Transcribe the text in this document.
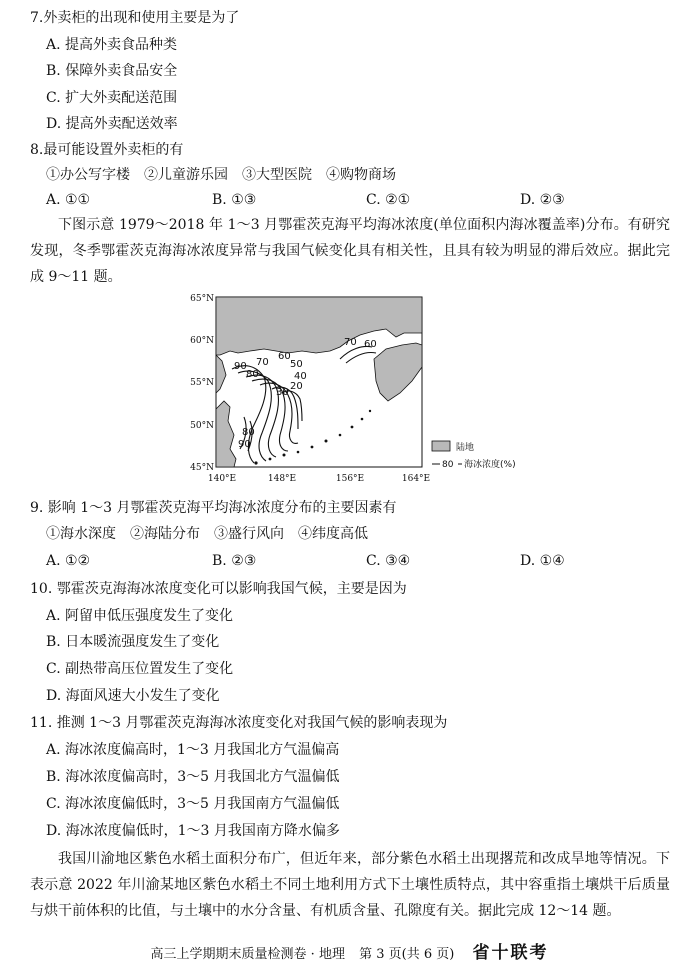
7.外卖柜的出现和使用主要是为了
A. 提高外卖食品种类
B. 保障外卖食品安全
C. 扩大外卖配送范围
D. 提高外卖配送效率
8.最可能设置外卖柜的有
①办公写字楼　②儿童游乐园　③大型医院　④购物商场
A. ①①	B. ①③	C. ②①	D. ②③
下图示意 1979～2018 年 1～3 月鄂霍茨克海平均海冰浓度(单位面积内海冰覆盖率)分布。有研究发现，冬季鄂霍茨克海海冰浓度异常与我国气候变化具有相关性，且具有较为明显的滞后效应。据此完成 9～11 题。
90
80
70
60
50
40
30
20
70 60
80
90
65°N
60°N
55°N
50°N
45°N
140°E	148°E	156°E	164°E
陆地
80 海冰浓度(%)
9. 影响 1～3 月鄂霍茨克海平均海冰浓度分布的主要因素有
①海水深度　②海陆分布　③盛行风向　④纬度高低
A. ①②	B. ②③	C. ③④	D. ①④
10. 鄂霍茨克海海冰浓度变化可以影响我国气候，主要是因为
A. 阿留申低压强度发生了变化
B. 日本暖流强度发生了变化
C. 副热带高压位置发生了变化
D. 海面风速大小发生了变化
11. 推测 1～3 月鄂霍茨克海海冰浓度变化对我国气候的影响表现为
A. 海冰浓度偏高时，1～3 月我国北方气温偏高
B. 海冰浓度偏高时，3～5 月我国北方气温偏低
C. 海冰浓度偏低时，3～5 月我国南方气温偏低
D. 海冰浓度偏低时，1～3 月我国南方降水偏多
我国川渝地区紫色水稻土面积分布广，但近年来，部分紫色水稻土出现撂荒和改成旱地等情况。下表示意 2022 年川渝某地区紫色水稻土不同土地利用方式下土壤性质特点，其中容重指土壤烘干后质量与烘干前体积的比值，与土壤中的水分含量、有机质含量、孔隙度有关。据此完成 12～14 题。
高三上学期期末质量检测卷 · 地理 第 3 页(共 6 页) 省十联考
